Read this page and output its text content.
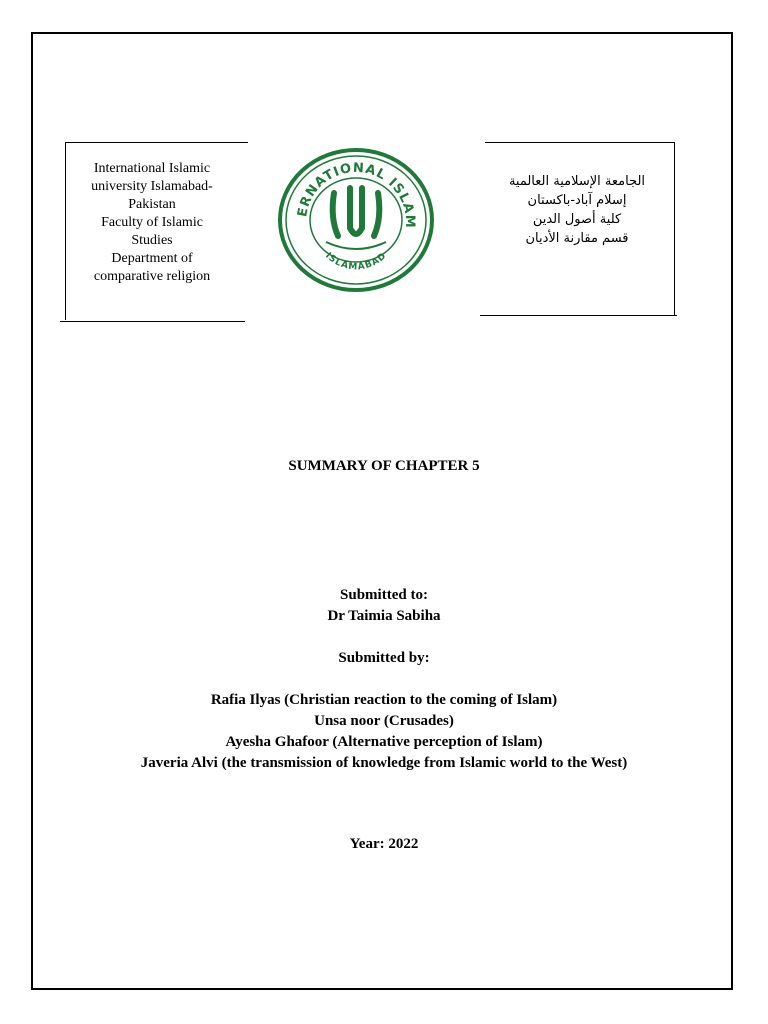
International Islamic
university Islamabad-
Pakistan
Faculty of Islamic
Studies
Department of
comparative religion
ERNATIONAL ISLAM
ISLAMABAD
الجامعة الإسلامية العالمية
إسلام آباد-باكستان
كلية أصول الدين
قسم مقارنة الأديان
SUMMARY OF CHAPTER 5
Submitted to:
Dr Taimia Sabiha
Submitted by:
Rafia Ilyas (Christian reaction to the coming of Islam)
Unsa noor (Crusades)
Ayesha Ghafoor (Alternative perception of Islam)
Javeria Alvi (the transmission of knowledge from Islamic world to the West)
Year: 2022
